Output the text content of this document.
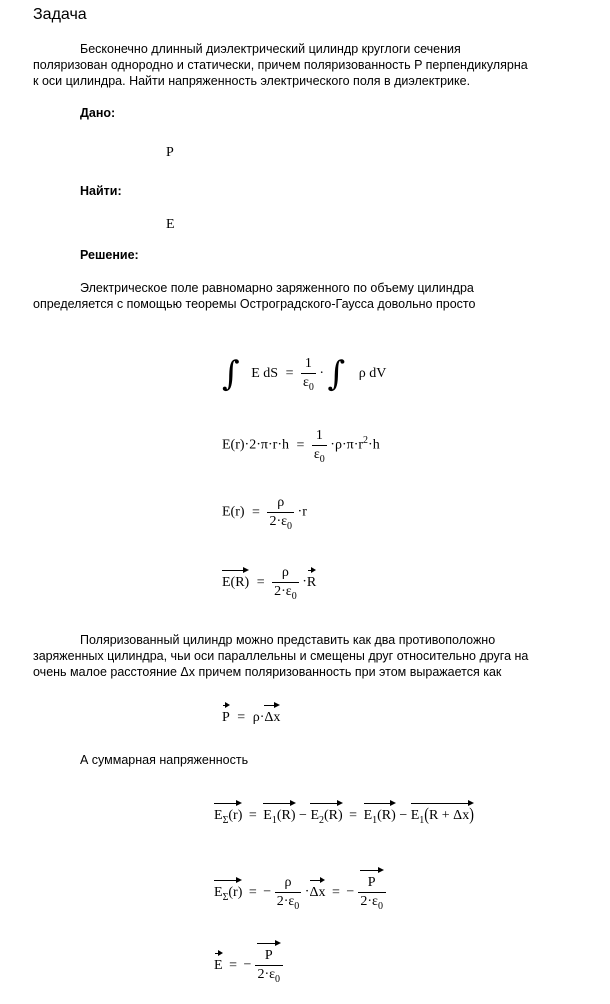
Задача
Бесконечно длинный диэлектрический цилиндр круглоги сечения
поляризован однородно и статически, причем поляризованность P перпендикулярна
к оси цилиндра. Найти напряженность электрического поля в диэлектрике.
Дано:
P
Найти:
E
Решение:
Электрическое поле равномарно заряженного по объему цилиндра
определяется с помощью теоремы Остроградского-Гаусса довольно просто
∫ E dS = $\frac{1}{\varepsilon_0}$ · ∫ ρ dV
$E(r)\cdot 2\cdot\pi\cdot r\cdot h = \frac{1}{\varepsilon_0} \cdot\rho\cdot\pi\cdot r^2\cdot h$
$E(r) = \frac{\rho}{2\cdot\varepsilon_0} \cdot r$
$E(R) = \frac{\rho}{2\cdot\varepsilon_0} \cdot R$
Поляризованный цилиндр можно представить как два противоположно
заряженных цилиндра, чьи оси параллельны и смещены друг относительно друга на
очень малое расстояние Δx причем поляризованность при этом выражается как
P = ρ·Δx
А суммарная напряженность
$E_\Sigma(r) = E_1(R) - E_2(R) = E_1(R) - E_1(R + \Delta x)$
$E_\Sigma(r)$ = − $\frac{\rho}{2\cdot\varepsilon_0} \cdot\Delta x$ = − $\frac{P}{2\cdot\varepsilon_0}$
E = − $\frac{P}{2\cdot\varepsilon_0}$
